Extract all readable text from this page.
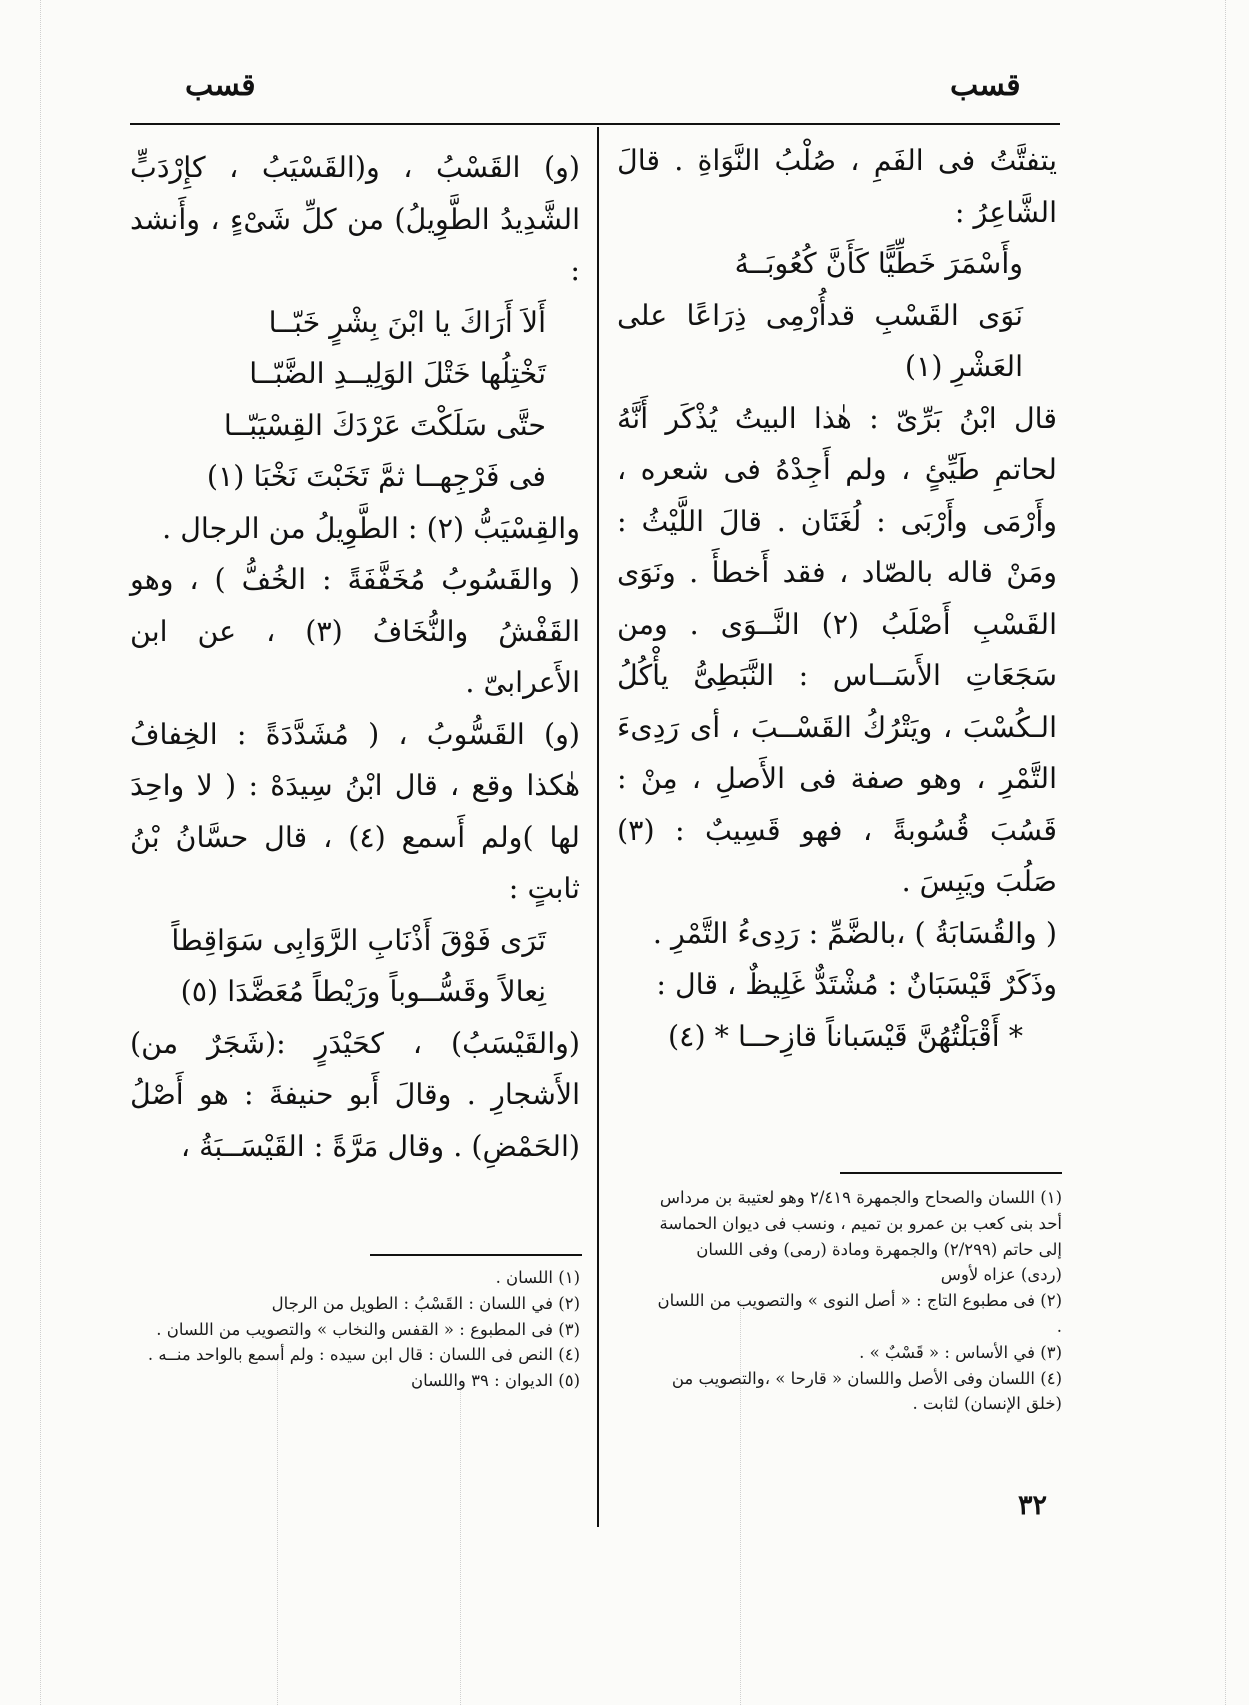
قسب
قسب

يتفتَّتُ فى الفَمِ ، صُلْبُ النَّوَاةِ . قالَ الشَّاعِرُ :

وأَسْمَرَ خَطِّيًّا كَأَنَّ كُعُوبَــهُ

نَوَى القَسْبِ قدأُرْمِى ذِرَاعًا على العَشْرِ (١)

قال ابْنُ بَرِّىّ : هٰذا البيتُ يُذْكَر أَنَّهُ لحاتمِ طَيِّئٍ ، ولم أَجِدْهُ فى شعره ، وأَرْمَى وأَرْبَى : لُغَتَان . قالَ اللَّيْثُ : ومَنْ قاله بالصّاد ، فقد أَخطأَ . ونَوَى القَسْبِ أَصْلَبُ (٢) النَّــوَى . ومن سَجَعَاتِ الأَسَــاس : النَّبَطِىُّ يأْكُلُ الـكُسْبَ ، ويَتْرُكُ القَسْــبَ ، أى رَدِىءَ التَّمْرِ ، وهو صفة فى الأَصلِ ، مِنْ : قَسُبَ قُسُوبةً ، فهو قَسِيبٌ : (٣) صَلُبَ ويَبِسَ .

( والقُسَابَةُ ) ،بالضَّمِّ : رَدِىءُ التَّمْرِ .

وذَكَرٌ قَيْسَبَانٌ : مُشْتَدٌّ غَلِيظٌ ، قال :

* أَقْبَلْتُهُنَّ قَيْسَباناً قازِحــا * (٤)

(و) القَسْبُ ، و(القَسْيَبُ ، كإِرْدَبٍّ الشَّدِيدُ الطَّوِيلُ) من كلِّ شَىْءٍ ، وأَنشد :

أَلاَ أَرَاكَ يا ابْنَ بِشْرٍ خَبّــا

تَخْتِلُها خَتْلَ الوَلِيــدِ الضَّبّــا

حتَّى سَلَكْتَ عَرْدَكَ القِسْيَبّــا

فى فَرْجِهــا ثمَّ تَخَبْتَ نَخْبَا (١)

والقِسْيَبُّ (٢) : الطَّوِيلُ من الرجال .

( والقَسُوبُ مُخَفَّفَةً : الخُفُّ ) ، وهو القَفْشُ والنُّخَافُ (٣) ، عن ابن الأَعرابىّ .

(و) القَسُّوبُ ، ( مُشَدَّدَةً : الخِفافُ هٰكذا وقع ، قال ابْنُ سِيدَهْ : ( لا واحِدَ لها )ولم أَسمع (٤) ، قال حسَّانُ بْنُ ثابتٍ :

تَرَى فَوْقَ أَذْنَابِ الرَّوَابِى سَوَاقِطاً

نِعالاً وقَسُّــوباً ورَيْطاً مُعَضَّدَا (٥)

(والقَيْسَبُ) ، كحَيْدَرٍ :(شَجَرٌ من) الأَشجارِ . وقالَ أَبو حنيفةَ : هو أَصْلُ (الحَمْضِ) . وقال مَرَّةً : القَيْسَــبَةُ ،

(١) اللسان والصحاح والجمهرة ٢/٤١٩ وهو لعتيبة بن مرداس أحد بنى كعب بن عمرو بن تميم ، ونسب فى ديوان الحماسة إلى حاتم (٢/٢٩٩) والجمهرة ومادة (رمى) وفى اللسان (ردى) عزاه لأوس

(٢) فى مطبوع التاج : « أصل النوى » والتصويب من اللسان .

(٣) في الأساس : « قَسْبٌ » .

(٤) اللسان وفى الأصل واللسان « قارحا » ،والتصويب من (خلق الإنسان) لثابت .

(١) اللسان .

(٢) في اللسان : القَسْبُ : الطويل من الرجال

(٣) فى المطبوع : « القفس والنخاب » والتصويب من اللسان .

(٤) النص فى اللسان : قال ابن سيده : ولم أسمع بالواحد منــه .

(٥) الديوان : ٣٩ واللسان

٣٢
